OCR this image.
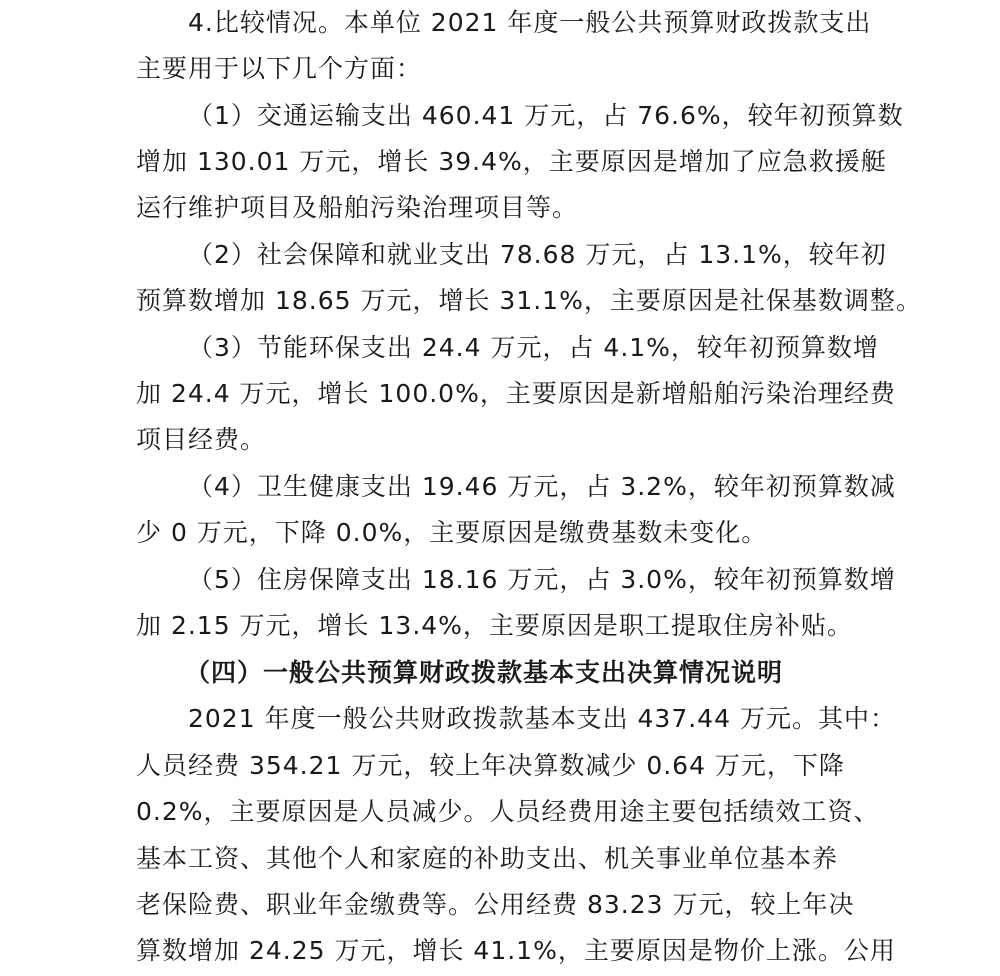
4.比较情况。本单位 2021 年度一般公共预算财政拨款支出
主要用于以下几个方面：
（1）交通运输支出 460.41 万元，占 76.6%，较年初预算数
增加 130.01 万元，增长 39.4%，主要原因是增加了应急救援艇
运行维护项目及船舶污染治理项目等。
（2）社会保障和就业支出 78.68 万元，占 13.1%，较年初
预算数增加 18.65 万元，增长 31.1%，主要原因是社保基数调整。
（3）节能环保支出 24.4 万元，占 4.1%，较年初预算数增
加 24.4 万元，增长 100.0%，主要原因是新增船舶污染治理经费
项目经费。
（4）卫生健康支出 19.46 万元，占 3.2%，较年初预算数减
少 0 万元，下降 0.0%，主要原因是缴费基数未变化。
（5）住房保障支出 18.16 万元，占 3.0%，较年初预算数增
加 2.15 万元，增长 13.4%，主要原因是职工提取住房补贴。
（四）一般公共预算财政拨款基本支出决算情况说明
2021 年度一般公共财政拨款基本支出 437.44 万元。其中：
人员经费 354.21 万元，较上年决算数减少 0.64 万元，下降
0.2%，主要原因是人员减少。人员经费用途主要包括绩效工资、
基本工资、其他个人和家庭的补助支出、机关事业单位基本养
老保险费、职业年金缴费等。公用经费 83.23 万元，较上年决
算数增加 24.25 万元，增长 41.1%，主要原因是物价上涨。公用
